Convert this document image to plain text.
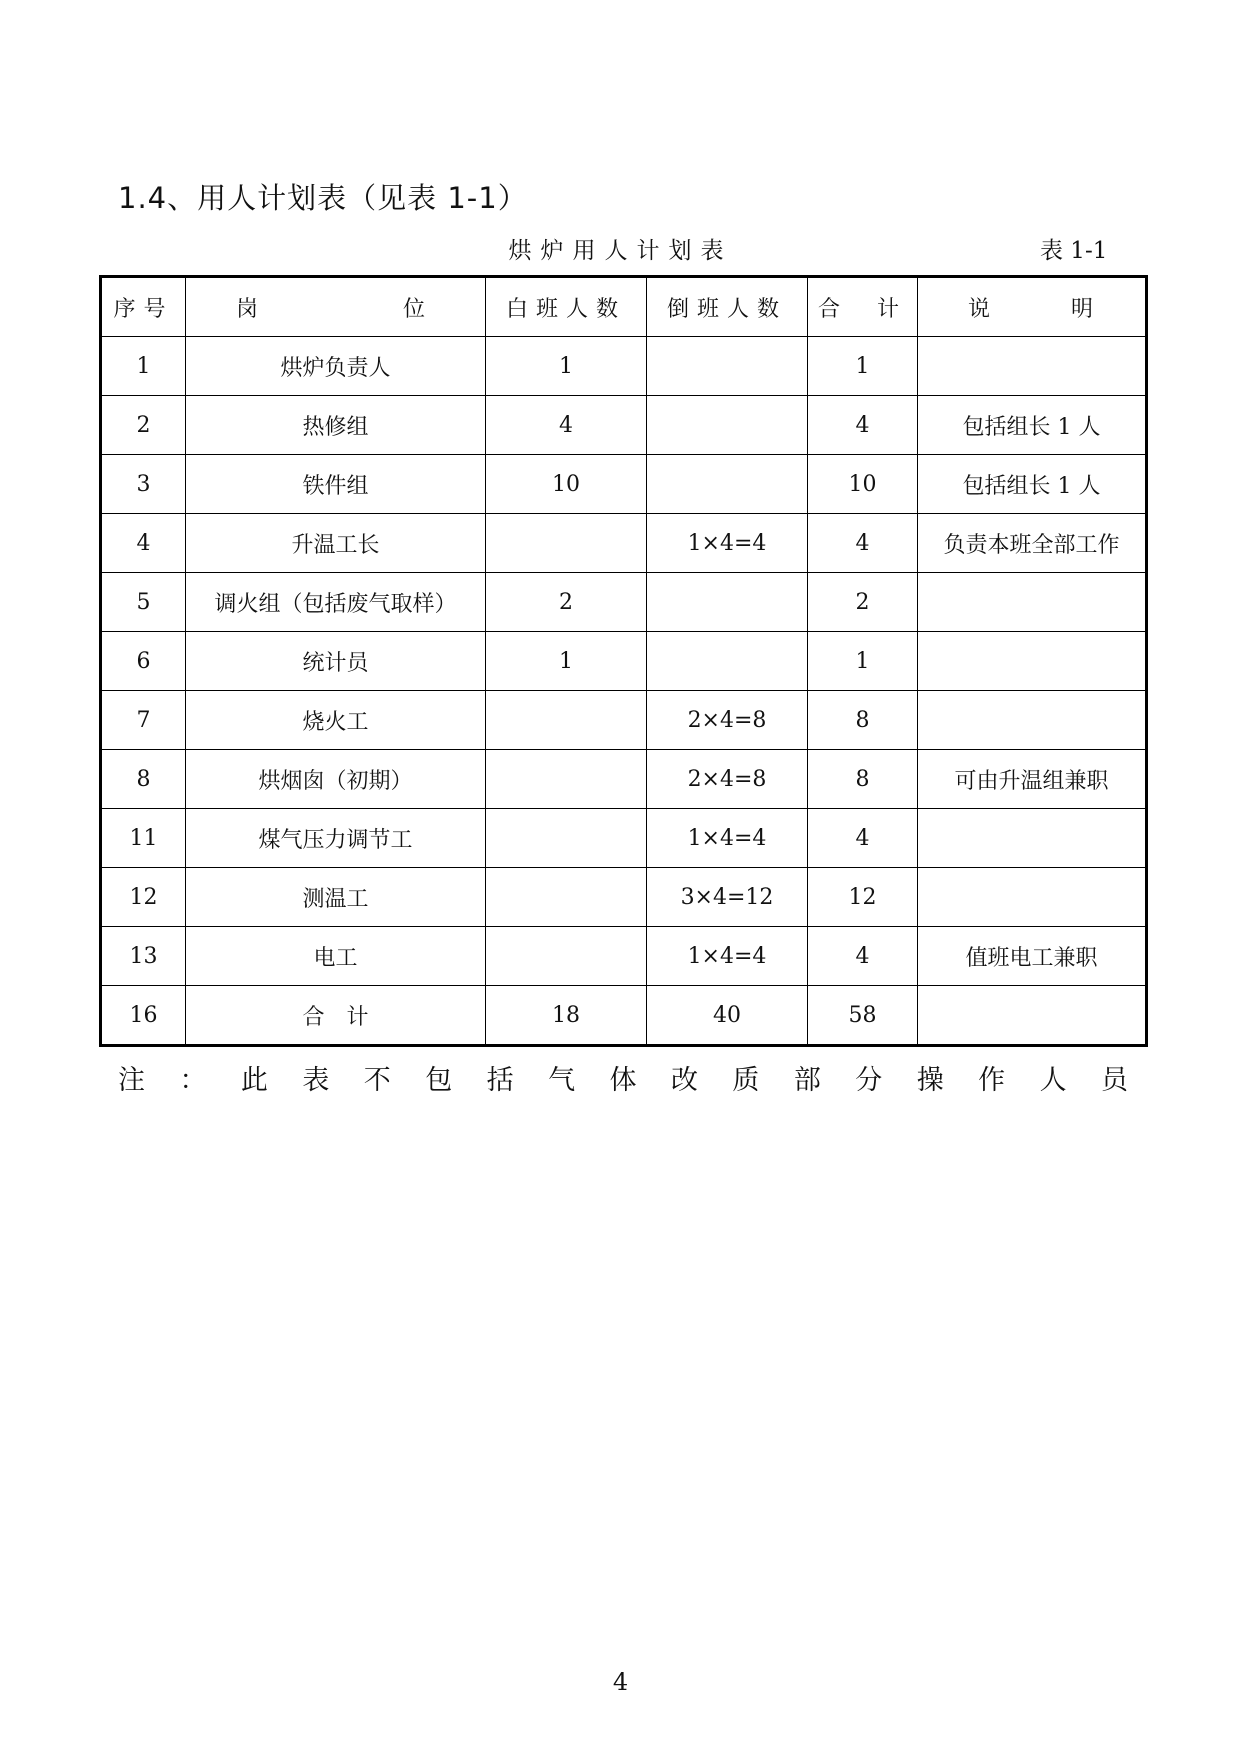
1.4、用人计划表（见表 1-1）
烘炉用人计划表	表 1-1
序号	岗 位	白班人数	倒班人数	合 计	说 明

1	烘炉负责人	1		1	
2	热修组	4		4	包括组长 1 人
3	铁件组	10		10	包括组长 1 人
4	升温工长		1×4=4	4	负责本班全部工作
5	调火组（包括废气取样）	2		2	
6	统计员	1		1	
7	烧火工		2×4=8	8	
8	烘烟囱（初期）		2×4=8	8	可由升温组兼职
11	煤气压力调节工		1×4=4	4	
12	测温工		3×4=12	12	
13	电工		1×4=4	4	值班电工兼职
16	合　计	18	40	58	
注 ： 此 表 不 包 括 气 体 改 质 部 分 操 作 人 员
4
